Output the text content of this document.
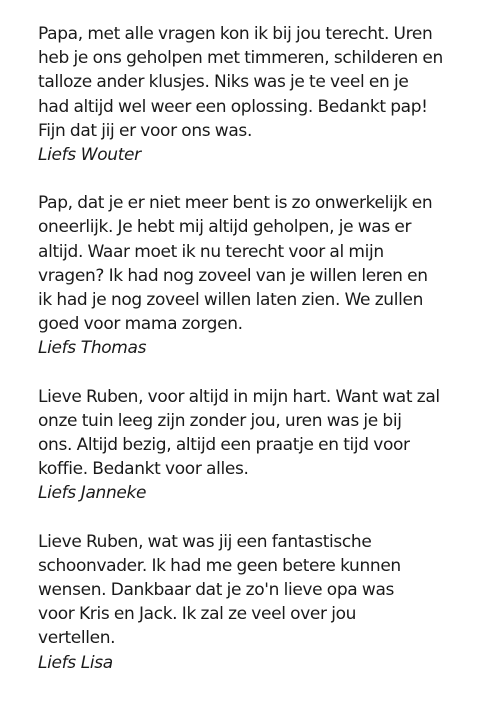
Papa, met alle vragen kon ik bij jou terecht. Uren
heb je ons geholpen met timmeren, schilderen en
talloze ander klusjes. Niks was je te veel en je
had altijd wel weer een oplossing. Bedankt pap!
Fijn dat jij er voor ons was.

Liefs Wouter

Pap, dat je er niet meer bent is zo onwerkelijk en
oneerlijk. Je hebt mij altijd geholpen, je was er
altijd. Waar moet ik nu terecht voor al mijn
vragen? Ik had nog zoveel van je willen leren en
ik had je nog zoveel willen laten zien. We zullen
goed voor mama zorgen.

Liefs Thomas

Lieve Ruben, voor altijd in mijn hart. Want wat zal
onze tuin leeg zijn zonder jou, uren was je bij
ons. Altijd bezig, altijd een praatje en tijd voor
koffie. Bedankt voor alles.

Liefs Janneke

Lieve Ruben, wat was jij een fantastische
schoonvader. Ik had me geen betere kunnen
wensen. Dankbaar dat je zo'n lieve opa was
voor Kris en Jack. Ik zal ze veel over jou
vertellen.

Liefs Lisa
